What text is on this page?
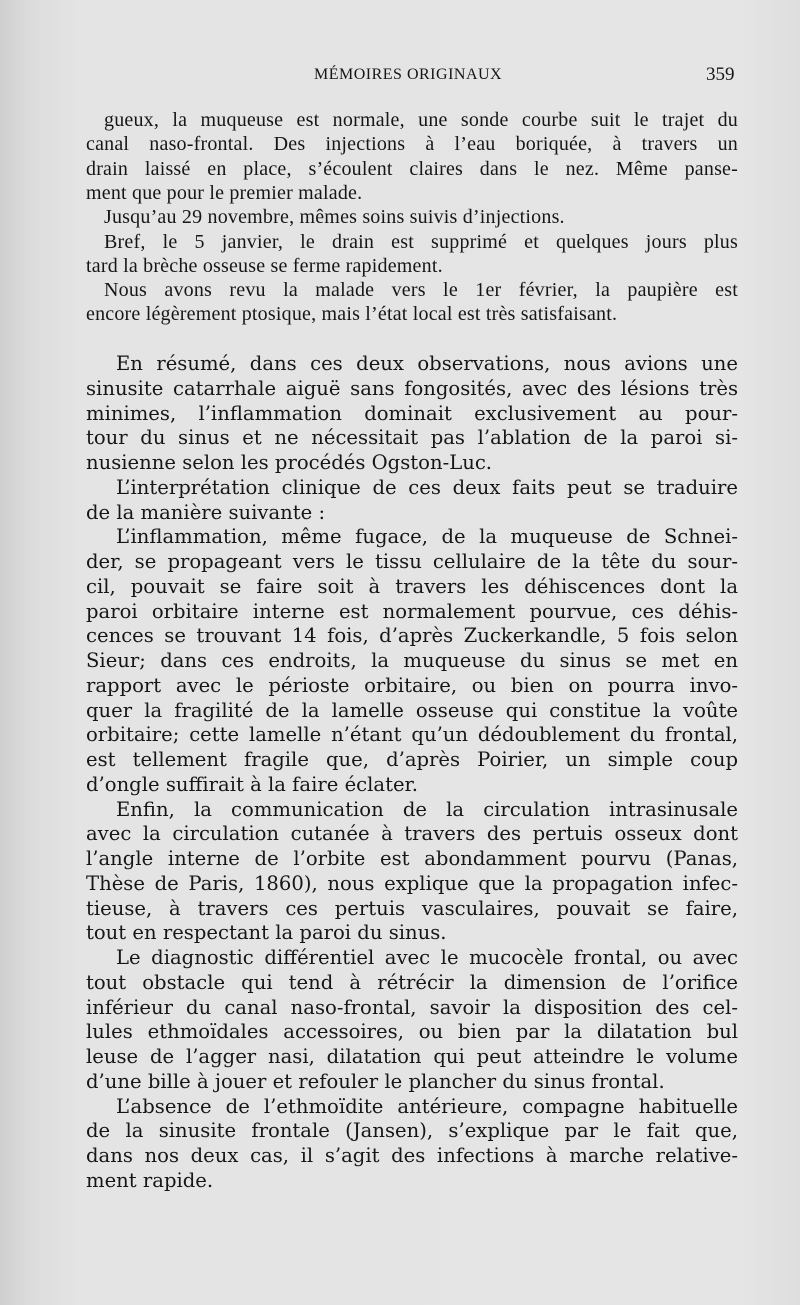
MÉMOIRES ORIGINAUX	359
gueux, la muqueuse est normale, une sonde courbe suit le trajet du
canal naso-frontal. Des injections à l’eau boriquée, à travers un
drain laissé en place, s’écoulent claires dans le nez. Même panse-
ment que pour le premier malade.
Jusqu’au 29 novembre, mêmes soins suivis d’injections.
Bref, le 5 janvier, le drain est supprimé et quelques jours plus
tard la brèche osseuse se ferme rapidement.
Nous avons revu la malade vers le 1er février, la paupière est
encore légèrement ptosique, mais l’état local est très satisfaisant.
En résumé, dans ces deux observations, nous avions une
sinusite catarrhale aiguë sans fongosités, avec des lésions très
minimes, l’inflammation dominait exclusivement au pour-
tour du sinus et ne nécessitait pas l’ablation de la paroi si-
nusienne selon les procédés Ogston-Luc.
L’interprétation clinique de ces deux faits peut se traduire
de la manière suivante :
L’inflammation, même fugace, de la muqueuse de Schnei-
der, se propageant vers le tissu cellulaire de la tête du sour-
cil, pouvait se faire soit à travers les déhiscences dont la
paroi orbitaire interne est normalement pourvue, ces déhis-
cences se trouvant 14 fois, d’après Zuckerkandle, 5 fois selon
Sieur; dans ces endroits, la muqueuse du sinus se met en
rapport avec le périoste orbitaire, ou bien on pourra invo-
quer la fragilité de la lamelle osseuse qui constitue la voûte
orbitaire; cette lamelle n’étant qu’un dédoublement du frontal,
est tellement fragile que, d’après Poirier, un simple coup
d’ongle suffirait à la faire éclater.
Enfin, la communication de la circulation intrasinusale
avec la circulation cutanée à travers des pertuis osseux dont
l’angle interne de l’orbite est abondamment pourvu (Panas,
Thèse de Paris, 1860), nous explique que la propagation infec-
tieuse, à travers ces pertuis vasculaires, pouvait se faire,
tout en respectant la paroi du sinus.
Le diagnostic différentiel avec le mucocèle frontal, ou avec
tout obstacle qui tend à rétrécir la dimension de l’orifice
inférieur du canal naso-frontal, savoir la disposition des cel-
lules ethmoïdales accessoires, ou bien par la dilatation bul
leuse de l’agger nasi, dilatation qui peut atteindre le volume
d’une bille à jouer et refouler le plancher du sinus frontal.
L’absence de l’ethmoïdite antérieure, compagne habituelle
de la sinusite frontale (Jansen), s’explique par le fait que,
dans nos deux cas, il s’agit des infections à marche relative-
ment rapide.
